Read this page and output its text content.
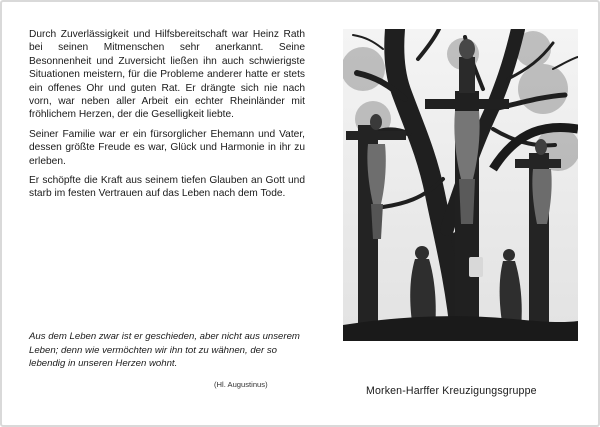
Durch Zuverlässigkeit und Hilfsbereitschaft war Heinz Rath bei seinen Mitmenschen sehr anerkannt. Seine Besonnenheit und Zuversicht ließen ihn auch schwierigste Situationen meistern, für die Probleme anderer hatte er stets ein offenes Ohr und guten Rat. Er drängte sich nie nach vorn, war neben aller Arbeit ein echter Rheinländer mit fröhlichem Herzen, der die Geselligkeit liebte.

Seiner Familie war er ein fürsorglicher Ehemann und Vater, dessen größte Freude es war, Glück und Harmonie in ihr zu erleben.

Er schöpfte die Kraft aus seinem tiefen Glauben an Gott und starb im festen Vertrauen auf das Leben nach dem Tode.

Aus dem Leben zwar ist er geschieden, aber nicht aus unserem Leben; denn wie vermöchten wir ihn tot zu wähnen, der so lebendig in unseren Herzen wohnt.

(Hl. Augustinus)
Morken-Harffer Kreuzigungsgruppe
